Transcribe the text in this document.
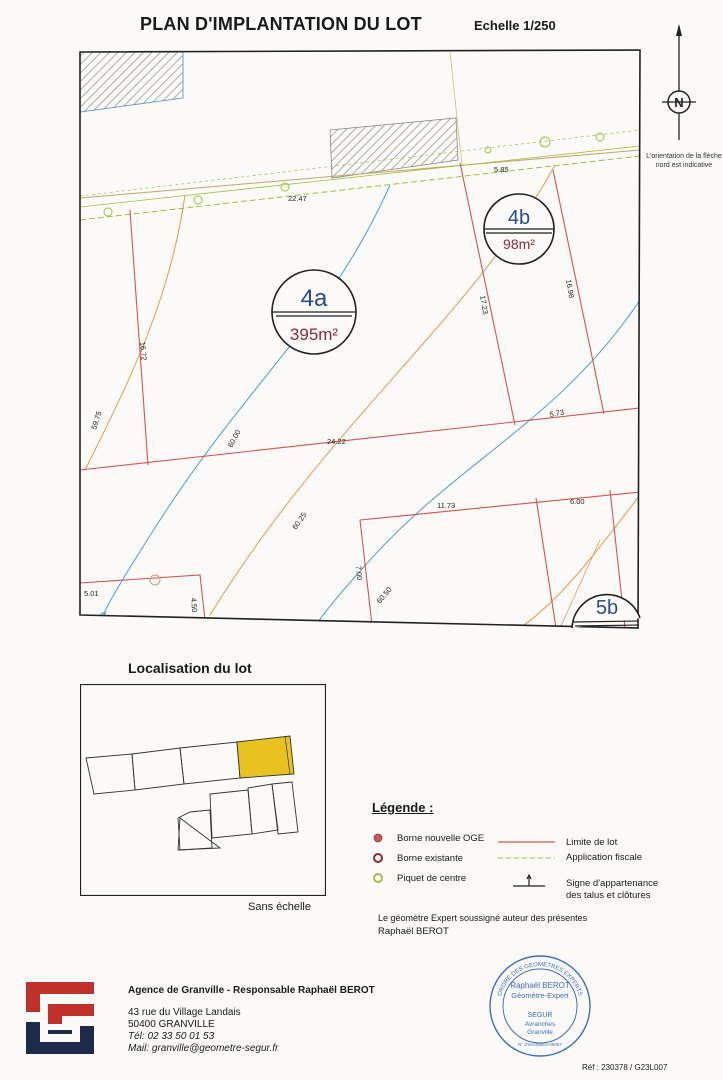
PLAN D'IMPLANTATION DU LOT	Echelle 1/250
N
L'orientation de la flèche nord est indicative
22.47
5.85
16.72
59.75
60.00
17.23
16.98
24.22
5.73
60.25
11.73	6.00
7.00
60.50
5.01
4.50
4a
395m²
4b
98m²
5b
Localisation du lot
Sans échelle
Légende :
Borne nouvelle OGE
Borne existante
Piquet de centre
Limite de lot
Application fiscale
Signe d'appartenance
des talus et clôtures
Le géomètre Expert soussigné auteur des présentes
Raphaël BEROT
Agence de Granville - Responsable Raphaël BEROT
43 rue du Village Landais
50400 GRANVILLE
Tél: 02 33 50 01 53
Mail: granville@geometre-segur.fr
ORDRE DES GEOMETRES EXPERTS
Raphaël BEROT
Géomètre-Expert
SEGUR
Avranches
Granville
N° d'inscription 06057
Réf : 230378 / G23L007
